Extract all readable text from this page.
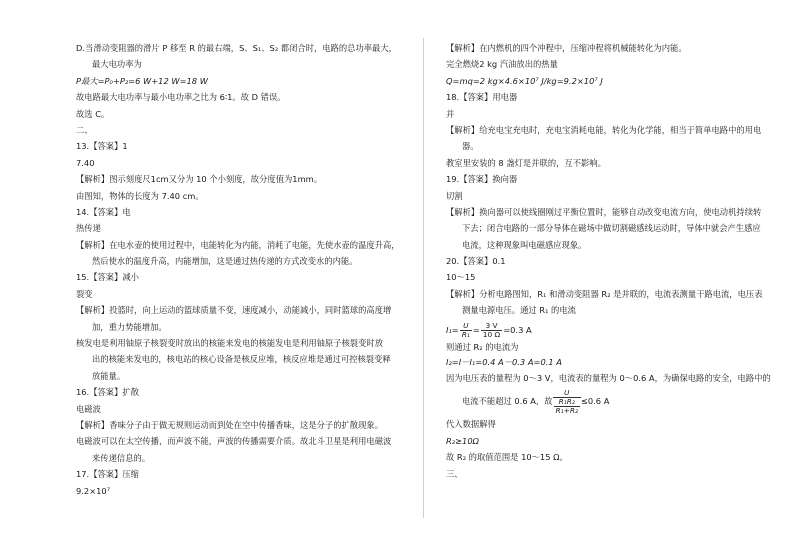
D.当滑动变阻器的滑片 P 移至 R 的最右端，S、S₁、S₂ 都闭合时，电路的总功率最大，
最大电功率为
P最大=P₀+P₂=6 W+12 W=18 W
故电路最大电功率与最小电功率之比为 6∶1。故 D 错误。
故选 C。
二、
13.【答案】1
7.40
【解析】图示刻度尺1cm又分为 10 个小刻度，故分度值为1mm。
由图知，物体的长度为 7.40 cm。
14.【答案】电
热传递
【解析】在电水壶的使用过程中，电能转化为内能，消耗了电能，先使水壶的温度升高，
然后使水的温度升高，内能增加，这是通过热传递的方式改变水的内能。
15.【答案】减小
裂变
【解析】投篮时，向上运动的篮球质量不变，速度减小，动能减小，同时篮球的高度增
加，重力势能增加。
核发电是利用铀原子核裂变时放出的核能来发电的核能发电是利用铀原子核裂变时放
出的核能来发电的，核电站的核心设备是核反应堆，核反应堆是通过可控核裂变释
放能量。
16.【答案】扩散
电磁波
【解析】香味分子由于做无规则运动而到处在空中传播香味，这是分子的扩散现象。
电磁波可以在太空传播，而声波不能，声波的传播需要介质。故北斗卫星是利用电磁波
来传递信息的。
17.【答案】压缩
9.2×10⁷
【解析】在内燃机的四个冲程中，压缩冲程将机械能转化为内能。
完全燃烧2 kg 汽油放出的热量
Q=mq=2 kg×4.6×10⁷ J/kg=9.2×10⁷ J
18.【答案】用电器
并
【解析】给充电宝充电时，充电宝消耗电能，转化为化学能，相当于简单电路中的用电
器。
教室里安装的 8 盏灯是并联的，互不影响。
19.【答案】换向器
切割
【解析】换向器可以使线圈刚过平衡位置时，能够自动改变电流方向，使电动机持续转
下去；闭合电路的一部分导体在磁场中做切割磁感线运动时，导体中就会产生感应
电流，这种现象叫电磁感应现象。
20.【答案】0.1
10～15
【解析】分析电路图知，R₁ 和滑动变阻器 R₂ 是并联的，电流表测量干路电流，电压表
测量电源电压。通过 R₁ 的电流
$I_1= \frac{U}{\text{R₁}} = \frac{3 V}{10 \Omega} =0.3$ A
则通过 R₂ 的电流为
I₂=I－I₁=0.4 A－0.3 A=0.1 A
因为电压表的量程为 0～3 V，电流表的量程为 0～0.6 A，为确保电路的安全，电路中的
电流不能超过 0.6 A，故 $\frac{U}{\frac{\text{R₁R₂}}{\text{R₁+R₂}}} \le 0.6$ A
代入数据解得
R₂≥10Ω
故 R₂ 的取值范围是 10～15 Ω。
三、
